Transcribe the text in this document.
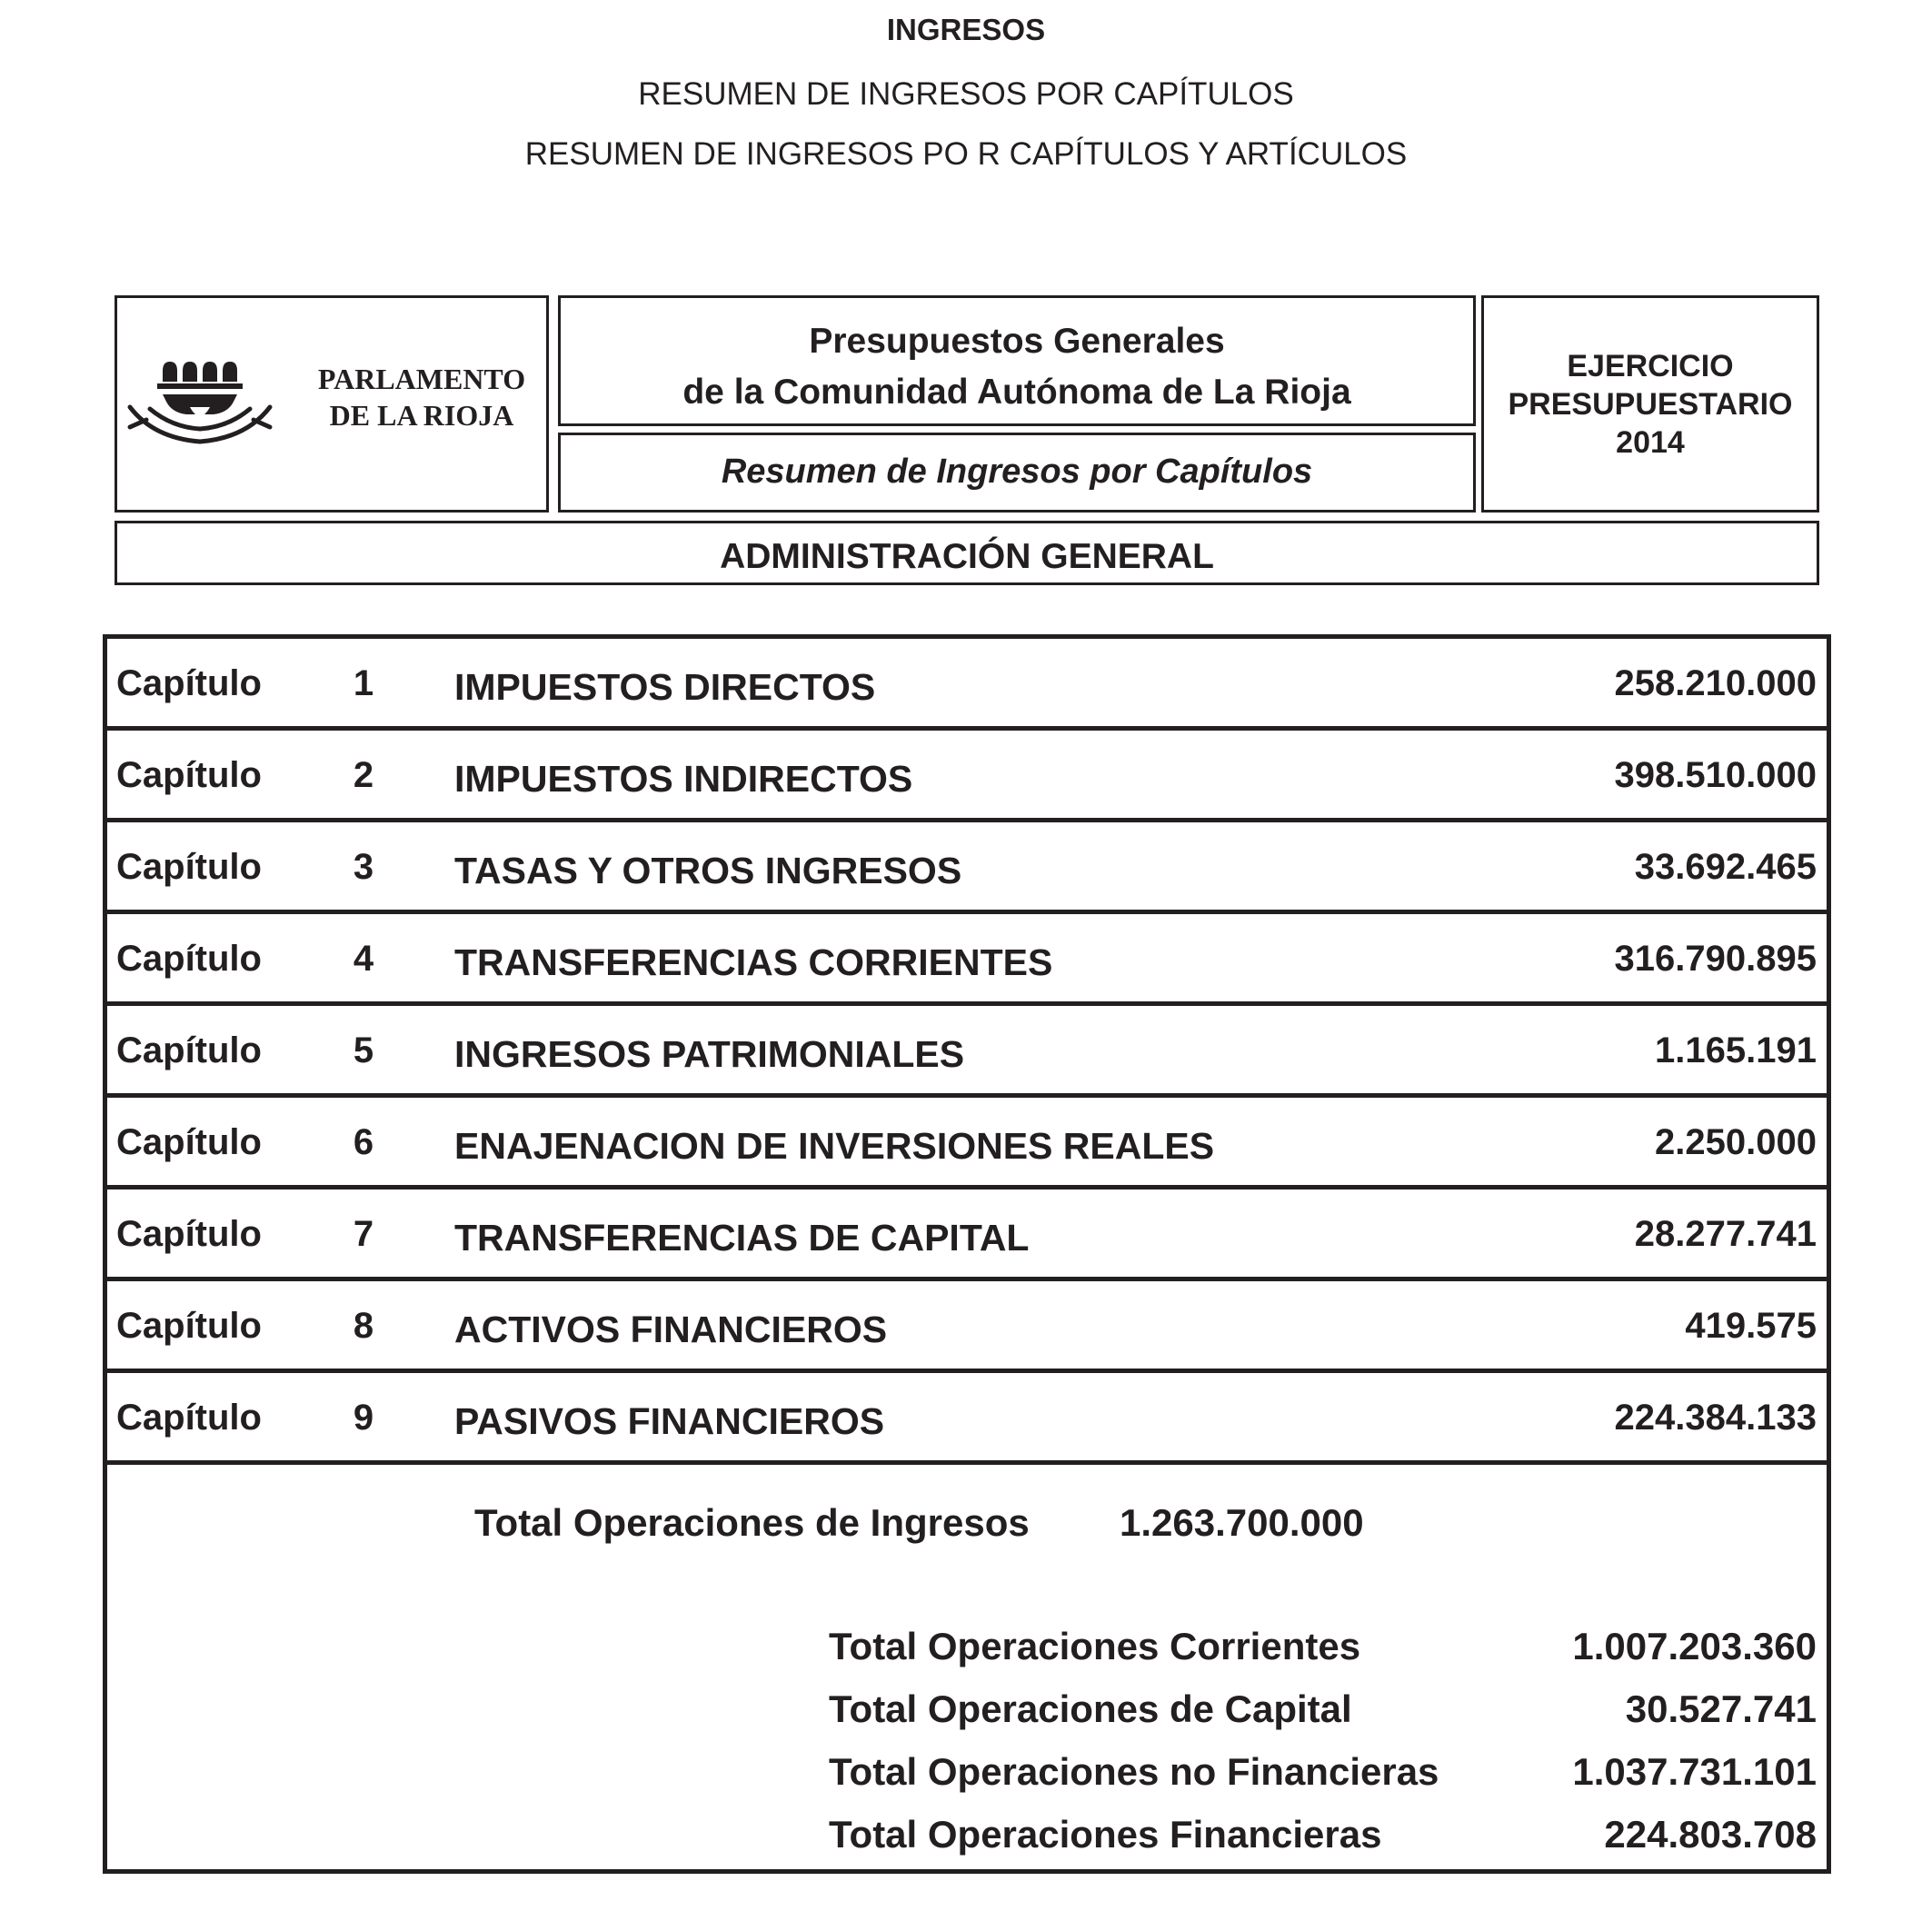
INGRESOS
RESUMEN DE INGRESOS POR CAPÍTULOS
RESUMEN DE INGRESOS PO R CAPÍTULOS Y ARTÍCULOS
PARLAMENTO
DE LA RIOJA
Presupuestos Generales
de la Comunidad Autónoma de La Rioja
Resumen de Ingresos por Capítulos
EJERCICIO
PRESUPUESTARIO
2014
ADMINISTRACIÓN GENERAL
Capítulo	1 IMPUESTOS DIRECTOS	258.210.000
Capítulo	2 IMPUESTOS INDIRECTOS	398.510.000
Capítulo	3 TASAS Y OTROS INGRESOS	33.692.465
Capítulo	4 TRANSFERENCIAS CORRIENTES	316.790.895
Capítulo	5 INGRESOS PATRIMONIALES	1.165.191
Capítulo	6 ENAJENACION DE INVERSIONES REALES	2.250.000
Capítulo	7 TRANSFERENCIAS DE CAPITAL	28.277.741
Capítulo	8 ACTIVOS FINANCIEROS	419.575
Capítulo	9 PASIVOS FINANCIEROS	224.384.133
Total Operaciones de Ingresos 1.263.700.000
Total Operaciones Corrientes	1.007.203.360
Total Operaciones de Capital	30.527.741
Total Operaciones no Financieras	1.037.731.101
Total Operaciones Financieras	224.803.708
